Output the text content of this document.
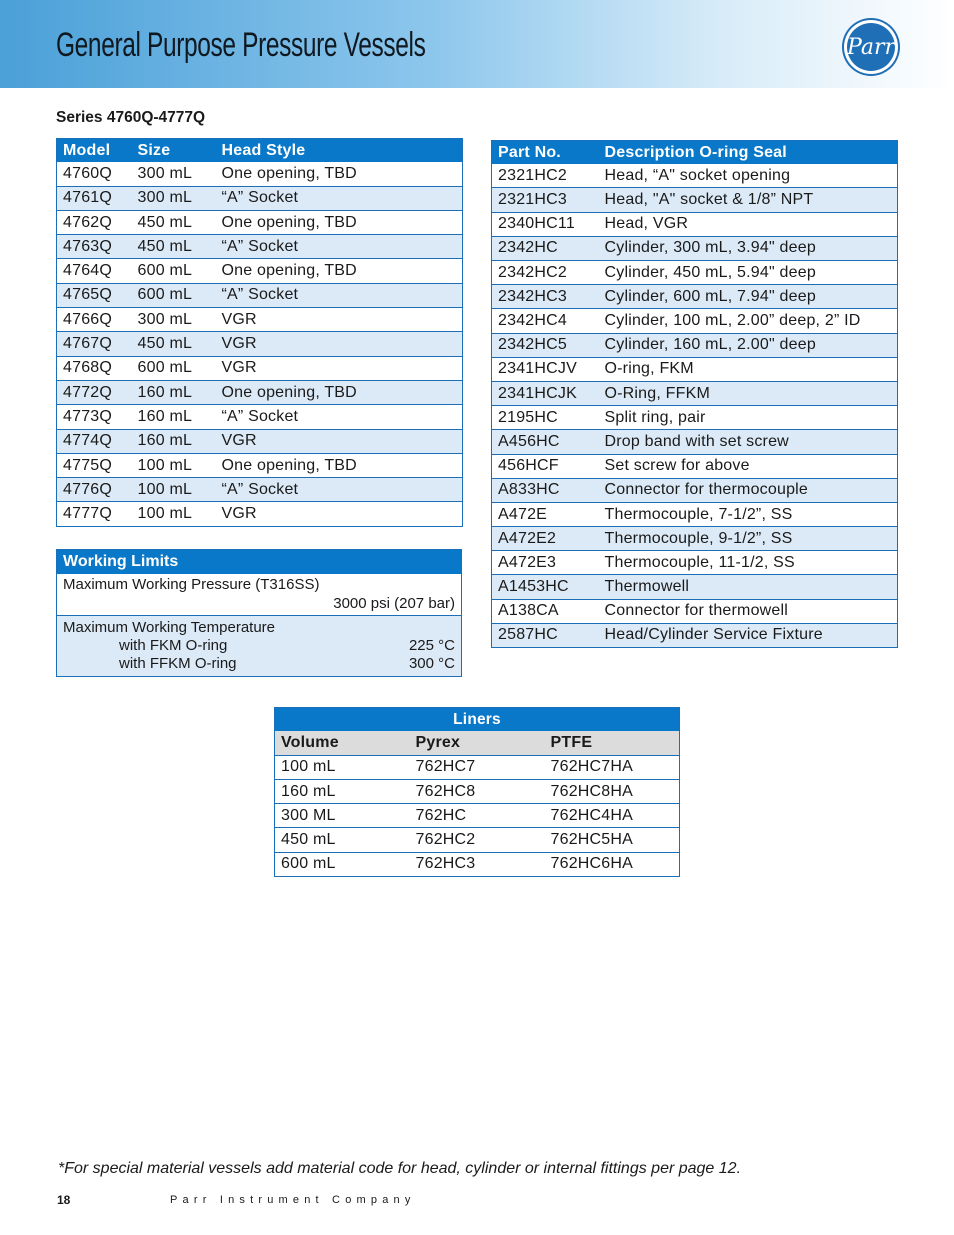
General Purpose Pressure Vessels	Parr
Series 4760Q-4777Q
Model	Size	Head Style
4760Q	300 mL	One opening, TBD
4761Q	300 mL	“A” Socket
4762Q	450 mL	One opening, TBD
4763Q	450 mL	“A” Socket
4764Q	600 mL	One opening, TBD
4765Q	600 mL	“A” Socket
4766Q	300 mL	VGR
4767Q	450 mL	VGR
4768Q	600 mL	VGR
4772Q	160 mL	One opening, TBD
4773Q	160 mL	“A” Socket
4774Q	160 mL	VGR
4775Q	100 mL	One opening, TBD
4776Q	100 mL	“A” Socket
4777Q	100 mL	VGR
Working Limits
Maximum Working Pressure (T316SS)
3000 psi (207 bar)
Maximum Working Temperature
with FKM O-ring	225 °C
with FFKM O-ring	300 °C
Part No.	Description O-ring Seal
2321HC2	Head, “A" socket opening
2321HC3	Head, "A" socket & 1/8” NPT
2340HC11	Head, VGR
2342HC	Cylinder, 300 mL, 3.94" deep
2342HC2	Cylinder, 450 mL, 5.94" deep
2342HC3	Cylinder, 600 mL, 7.94" deep
2342HC4	Cylinder, 100 mL, 2.00” deep, 2” ID
2342HC5	Cylinder, 160 mL, 2.00" deep
2341HCJV	O-ring, FKM
2341HCJK	O-Ring, FFKM
2195HC	Split ring, pair
A456HC	Drop band with set screw
456HCF	Set screw for above
A833HC	Connector for thermocouple
A472E	Thermocouple, 7-1/2”, SS
A472E2	Thermocouple, 9-1/2”, SS
A472E3	Thermocouple, 11-1/2, SS
A1453HC	Thermowell
A138CA	Connector for thermowell
2587HC	Head/Cylinder Service Fixture
Liners		
Volume	Pyrex	PTFE
100 mL	762HC7	762HC7HA
160 mL	762HC8	762HC8HA
300 ML	762HC	762HC4HA
450 mL	762HC2	762HC5HA
600 mL	762HC3	762HC6HA
*For special material vessels add material code for head, cylinder or internal fittings per page 12.
18	Parr Instrument Company
